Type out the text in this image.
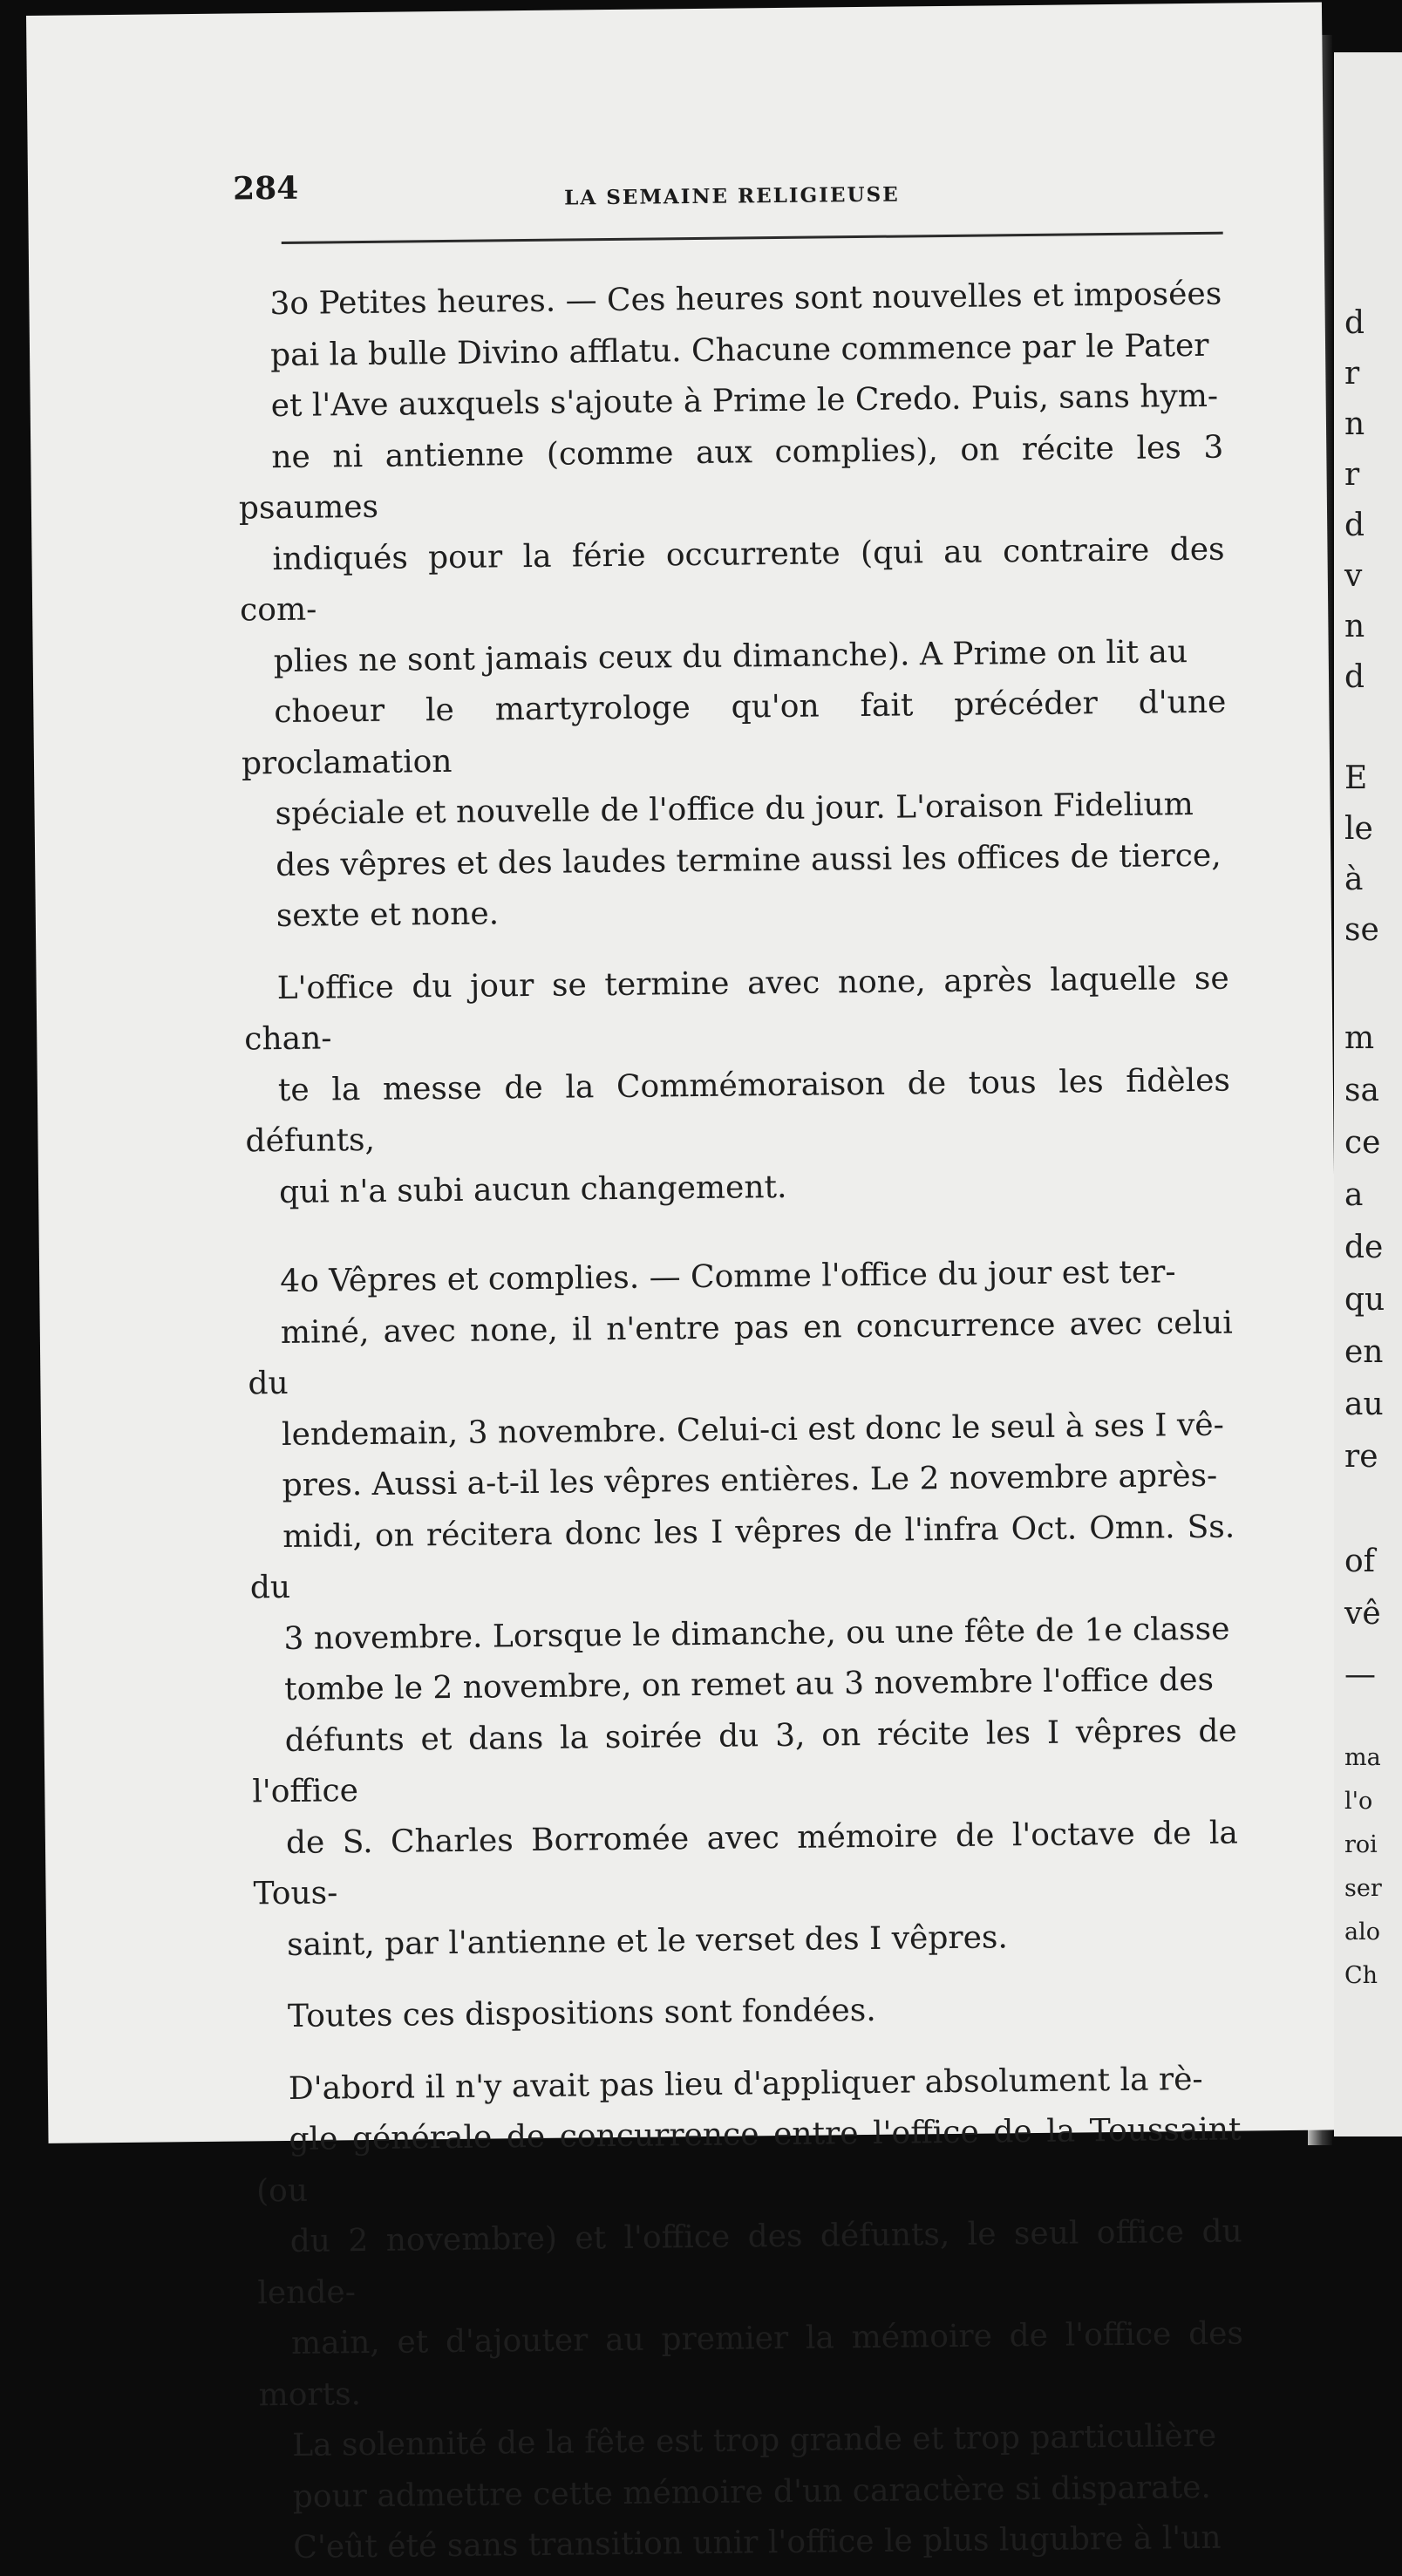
284	LA SEMAINE RELIGIEUSE

3o Petites heures. — Ces heures sont nouvelles et imposées
pai la bulle Divino afflatu. Chacune commence par le Pater
et l'Ave auxquels s'ajoute à Prime le Credo. Puis, sans hym-
ne ni antienne (comme aux complies), on récite les 3 psaumes
indiqués pour la férie occurrente (qui au contraire des com-
plies ne sont jamais ceux du dimanche). A Prime on lit au
choeur le martyrologe qu'on fait précéder d'une proclamation
spéciale et nouvelle de l'office du jour. L'oraison Fidelium
des vêpres et des laudes termine aussi les offices de tierce,
sexte et none.

L'office du jour se termine avec none, après laquelle se chan-
te la messe de la Commémoraison de tous les fidèles défunts,
qui n'a subi aucun changement.

4o Vêpres et complies. — Comme l'office du jour est ter-
miné, avec none, il n'entre pas en concurrence avec celui du
lendemain, 3 novembre. Celui-ci est donc le seul à ses I vê-
pres. Aussi a-t-il les vêpres entières. Le 2 novembre après-
midi, on récitera donc les I vêpres de l'infra Oct. Omn. Ss. du
3 novembre. Lorsque le dimanche, ou une fête de 1e classe
tombe le 2 novembre, on remet au 3 novembre l'office des
défunts et dans la soirée du 3, on récite les I vêpres de l'office
de S. Charles Borromée avec mémoire de l'octave de la Tous-
saint, par l'antienne et le verset des I vêpres.

Toutes ces dispositions sont fondées.

D'abord il n'y avait pas lieu d'appliquer absolument la rè-
gle générale de concurrence entre l'office de la Toussaint (ou
du 2 novembre) et l'office des défunts, le seul office du lende-
main, et d'ajouter au premier la mémoire de l'office des morts.
La solennité de la fête est trop grande et trop particulière
pour admettre cette mémoire d'un caractère si disparate.
C'eût été sans transition unir l'office le plus lugubre à l'un

d
r
n
r
d
v
n
d
E
le
à
se
m
sa
ce
a
de
qu
en
au
re
of
vê
—
ma
l'o
roi
ser
alo
Ch
